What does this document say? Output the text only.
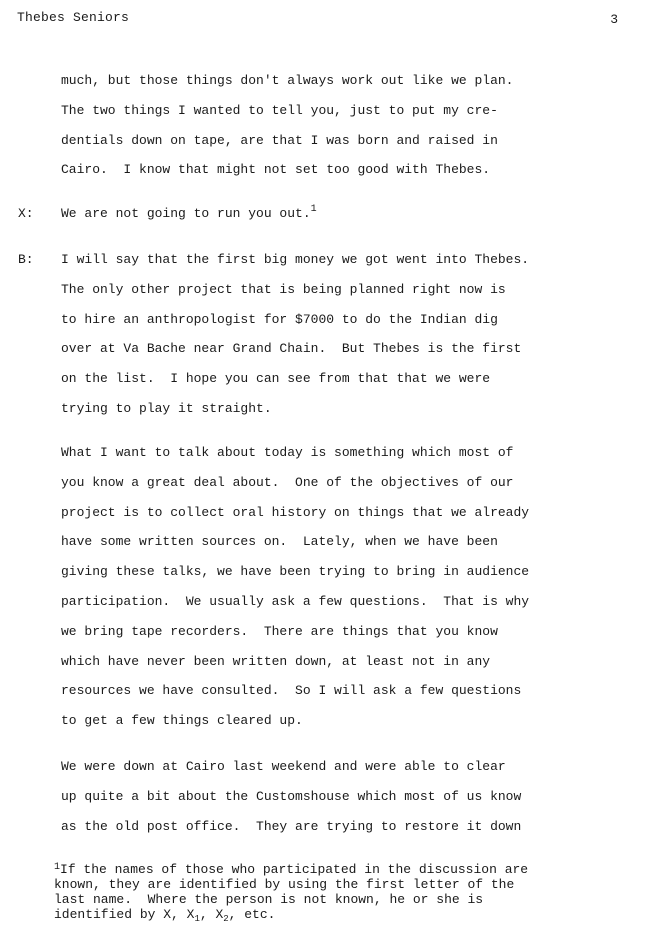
Thebes Seniors	3
much, but those things don't always work out like we plan.
The two things I wanted to tell you, just to put my cre-
dentials down on tape, are that I was born and raised in
Cairo.  I know that might not set too good with Thebes.
X: We are not going to run you out.$^1$
B: I will say that the first big money we got went into Thebes.
The only other project that is being planned right now is
to hire an anthropologist for $7000 to do the Indian dig
over at Va Bache near Grand Chain.  But Thebes is the first
on the list.  I hope you can see from that that we were
trying to play it straight.
What I want to talk about today is something which most of
you know a great deal about.  One of the objectives of our
project is to collect oral history on things that we already
have some written sources on.  Lately, when we have been
giving these talks, we have been trying to bring in audience
participation.  We usually ask a few questions.  That is why
we bring tape recorders.  There are things that you know
which have never been written down, at least not in any
resources we have consulted.  So I will ask a few questions
to get a few things cleared up.
We were down at Cairo last weekend and were able to clear
up quite a bit about the Customshouse which most of us know
as the old post office.  They are trying to restore it down
$^1$If the names of those who participated in the discussion are
known, they are identified by using the first letter of the
last name.  Where the person is not known, he or she is
identified by X, $X_1$, $X_2$, etc.
